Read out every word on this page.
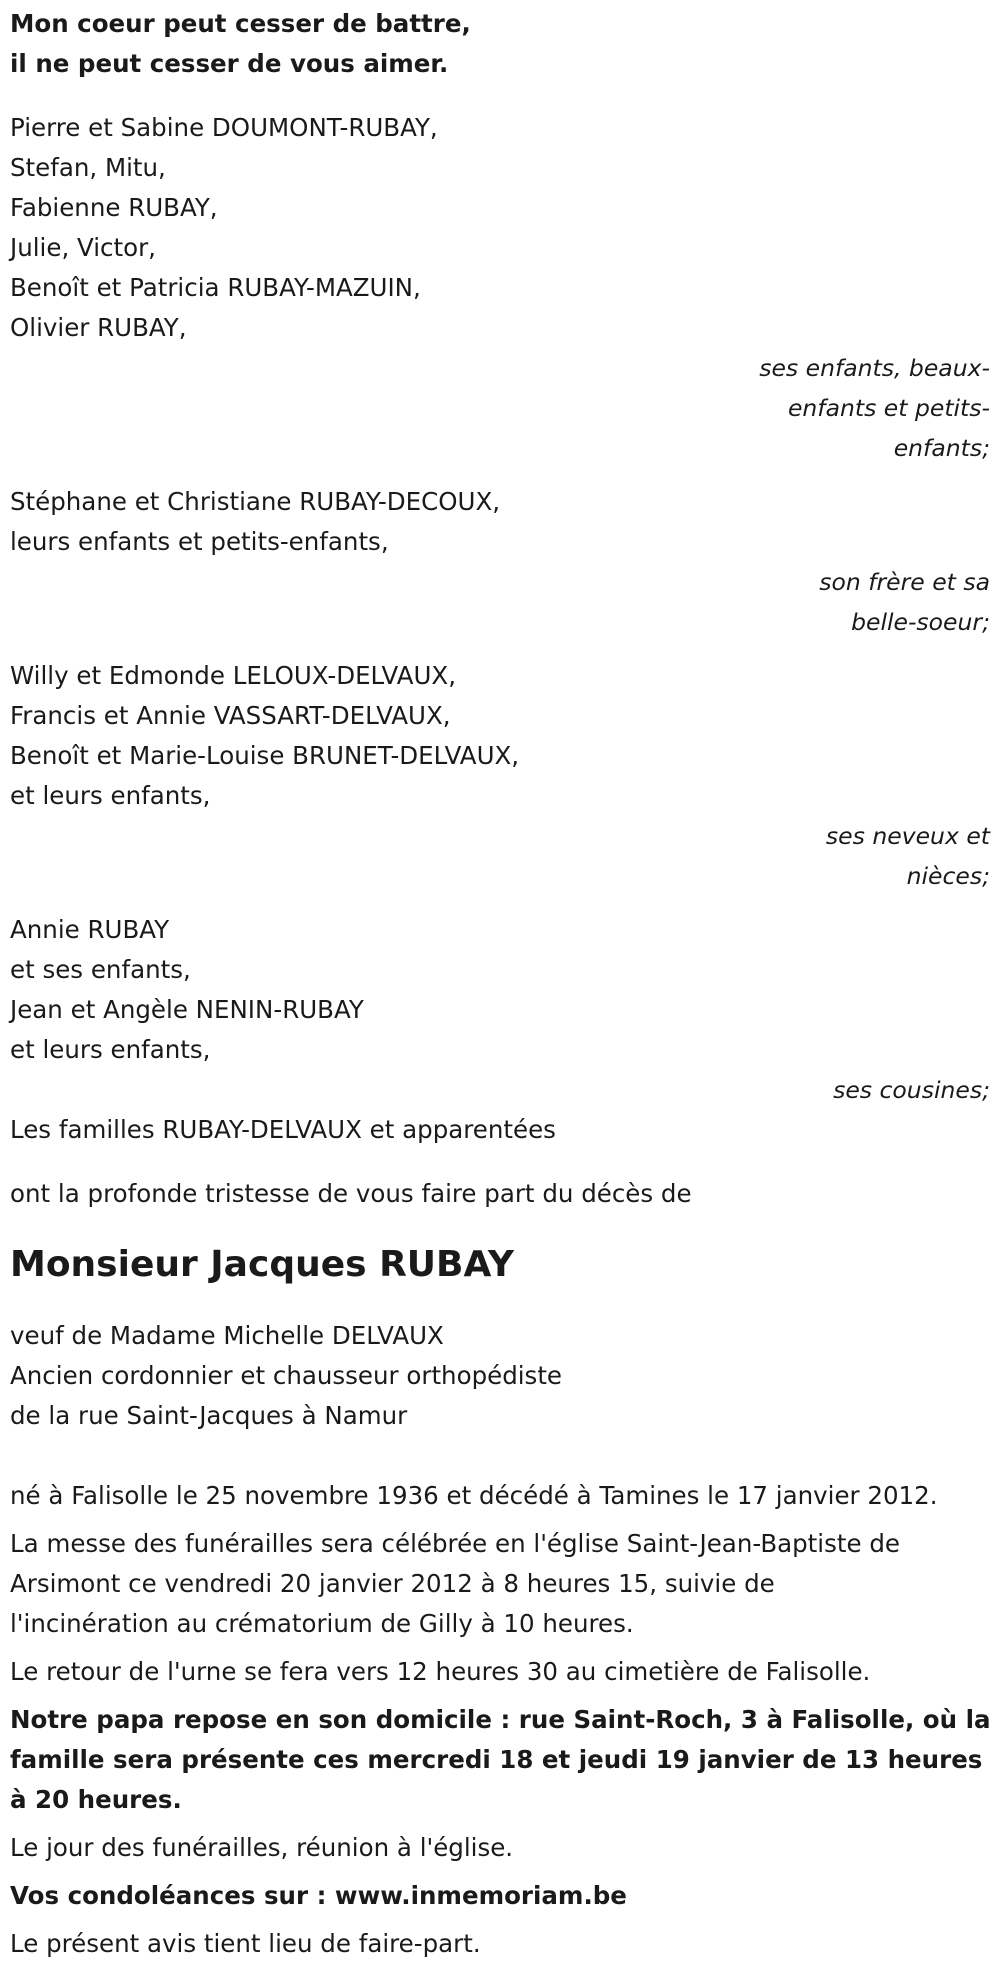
Mon coeur peut cesser de battre,
il ne peut cesser de vous aimer.
Pierre et Sabine DOUMONT-RUBAY,
Stefan, Mitu,
Fabienne RUBAY,
Julie, Victor,
Benoît et Patricia RUBAY-MAZUIN,
Olivier RUBAY,
ses enfants, beaux-
enfants et petits-
enfants;
Stéphane et Christiane RUBAY-DECOUX,
leurs enfants et petits-enfants,
son frère et sa
belle-soeur;
Willy et Edmonde LELOUX-DELVAUX,
Francis et Annie VASSART-DELVAUX,
Benoît et Marie-Louise BRUNET-DELVAUX,
et leurs enfants,
ses neveux et
nièces;
Annie RUBAY
et ses enfants,
Jean et Angèle NENIN-RUBAY
et leurs enfants,
ses cousines;
Les familles RUBAY-DELVAUX et apparentées
ont la profonde tristesse de vous faire part du décès de
Monsieur Jacques RUBAY
veuf de Madame Michelle DELVAUX
Ancien cordonnier et chausseur orthopédiste
de la rue Saint-Jacques à Namur
né à Falisolle le 25 novembre 1936 et décédé à Tamines le 17 janvier 2012.
La messe des funérailles sera célébrée en l'église Saint-Jean-Baptiste de
Arsimont ce vendredi 20 janvier 2012 à 8 heures 15, suivie de
l'incinération au crématorium de Gilly à 10 heures.
Le retour de l'urne se fera vers 12 heures 30 au cimetière de Falisolle.
Notre papa repose en son domicile : rue Saint-Roch, 3 à Falisolle, où la
famille sera présente ces mercredi 18 et jeudi 19 janvier de 13 heures
à 20 heures.
Le jour des funérailles, réunion à l'église.
Vos condoléances sur : www.inmemoriam.be
Le présent avis tient lieu de faire-part.
